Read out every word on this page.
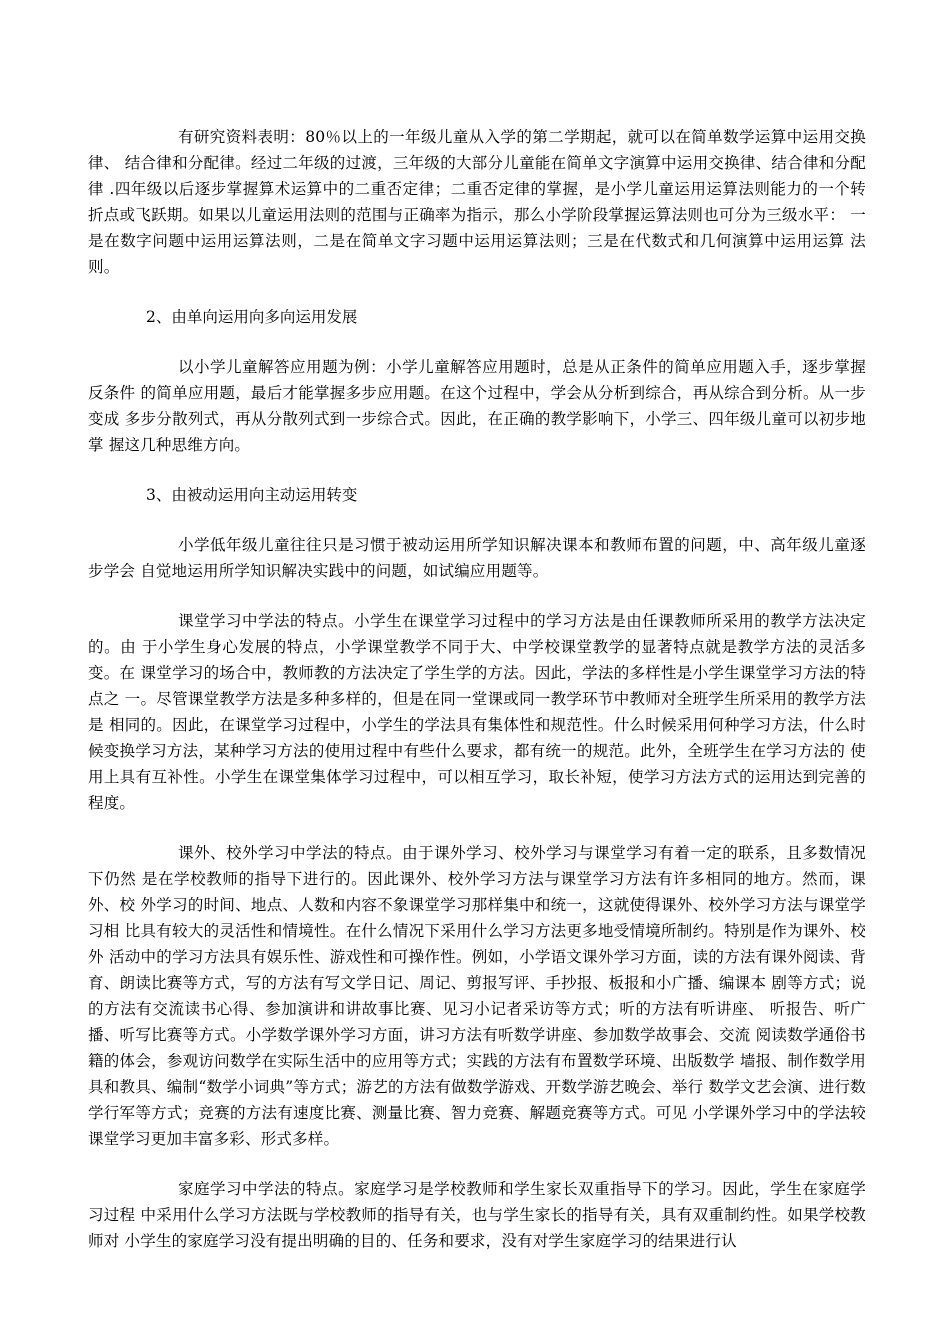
有研究资料表明：80％以上的一年级儿童从入学的第二学期起，就可以在简单数学运算中运用交换律、 结合律和分配律。经过二年级的过渡，三年级的大部分儿童能在简单文字演算中运用交换律、结合律和分配律 .四年级以后逐步掌握算术运算中的二重否定律；二重否定律的掌握，是小学儿童运用运算法则能力的一个转 折点或飞跃期。如果以儿童运用法则的范围与正确率为指示，那么小学阶段掌握运算法则也可分为三级水平： 一是在数字问题中运用运算法则，二是在简单文字习题中运用运算法则；三是在代数式和几何演算中运用运算 法则。

2、由单向运用向多向运用发展

以小学儿童解答应用题为例：小学儿童解答应用题时，总是从正条件的简单应用题入手，逐步掌握反条件 的简单应用题，最后才能掌握多步应用题。在这个过程中，学会从分析到综合，再从综合到分析。从一步变成 多步分散列式，再从分散列式到一步综合式。因此，在正确的教学影响下，小学三、四年级儿童可以初步地掌 握这几种思维方向。

3、由被动运用向主动运用转变

小学低年级儿童往往只是习惯于被动运用所学知识解决课本和教师布置的问题，中、高年级儿童逐步学会 自觉地运用所学知识解决实践中的问题，如试编应用题等。

课堂学习中学法的特点。小学生在课堂学习过程中的学习方法是由任课教师所采用的教学方法决定的。由 于小学生身心发展的特点，小学课堂教学不同于大、中学校课堂教学的显著特点就是教学方法的灵活多变。在 课堂学习的场合中，教师教的方法决定了学生学的方法。因此，学法的多样性是小学生课堂学习方法的特点之 一。尽管课堂教学方法是多种多样的，但是在同一堂课或同一教学环节中教师对全班学生所采用的教学方法是 相同的。因此，在课堂学习过程中，小学生的学法具有集体性和规范性。什么时候采用何种学习方法，什么时 候变换学习方法，某种学习方法的使用过程中有些什么要求，都有统一的规范。此外，全班学生在学习方法的 使用上具有互补性。小学生在课堂集体学习过程中，可以相互学习，取长补短，使学习方法方式的运用达到完善的程度。

课外、校外学习中学法的特点。由于课外学习、校外学习与课堂学习有着一定的联系，且多数情况下仍然 是在学校教师的指导下进行的。因此课外、校外学习方法与课堂学习方法有许多相同的地方。然而，课外、校 外学习的时间、地点、人数和内容不象课堂学习那样集中和统一，这就使得课外、校外学习方法与课堂学习相 比具有较大的灵活性和情境性。在什么情况下采用什么学习方法更多地受情境所制约。特别是作为课外、校外 活动中的学习方法具有娱乐性、游戏性和可操作性。例如，小学语文课外学习方面，读的方法有课外阅读、背 育、朗读比赛等方式，写的方法有写文学日记、周记、剪报写评、手抄报、板报和小广播、编课本 剧等方式；说的方法有交流读书心得、参加演讲和讲故事比赛、见习小记者采访等方式；听的方法有听讲座、 听报告、听广播、听写比赛等方式。小学数学课外学习方面，讲习方法有听数学讲座、参加数学故事会、交流 阅读数学通俗书籍的体会，参观访问数学在实际生活中的应用等方式；实践的方法有布置数学环境、出版数学 墙报、制作数学用具和教具、编制“数学小词典”等方式；游艺的方法有做数学游戏、开数学游艺晚会、举行 数学文艺会演、进行数学行军等方式；竞赛的方法有速度比赛、测量比赛、智力竞赛、解题竞赛等方式。可见 小学课外学习中的学法较课堂学习更加丰富多彩、形式多样。

家庭学习中学法的特点。家庭学习是学校教师和学生家长双重指导下的学习。因此，学生在家庭学习过程 中采用什么学习方法既与学校教师的指导有关，也与学生家长的指导有关，具有双重制约性。如果学校教师对 小学生的家庭学习没有提出明确的目的、任务和要求，没有对学生家庭学习的结果进行认
